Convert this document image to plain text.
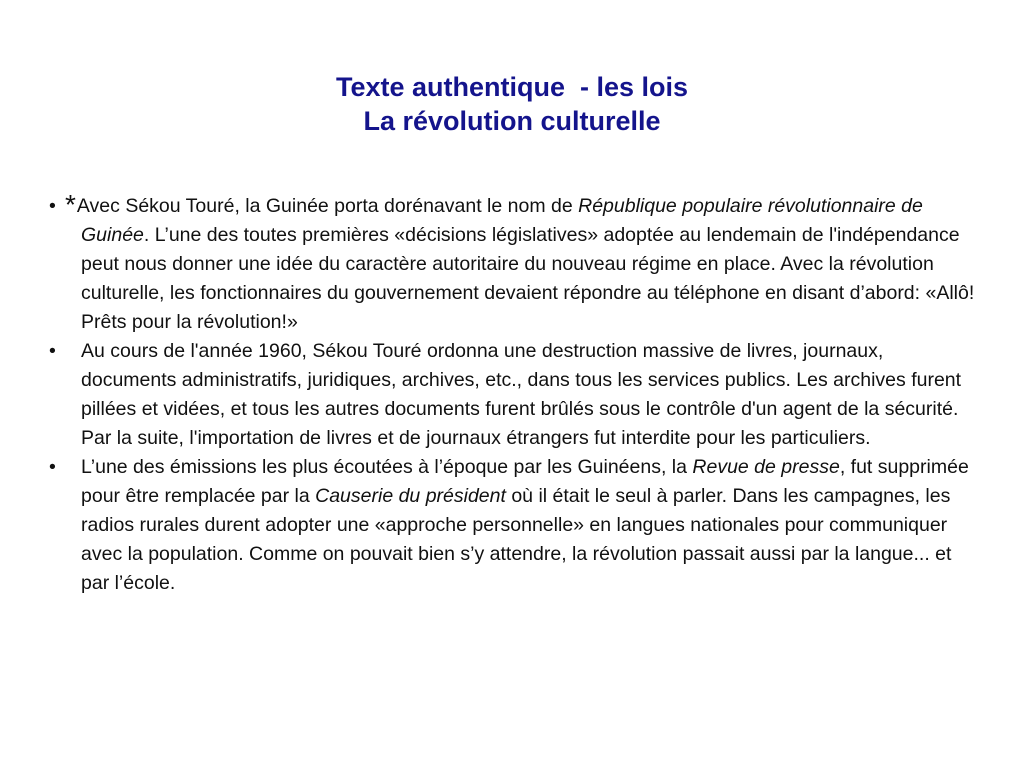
Texte authentique  - les lois
La révolution culturelle
• *Avec Sékou Touré, la Guinée porta dorénavant le nom de République populaire révolutionnaire de Guinée. L’une des toutes premières «décisions législatives» adoptée au lendemain de l'indépendance peut nous donner une idée du caractère autoritaire du nouveau régime en place. Avec la révolution culturelle, les fonctionnaires du gouvernement devaient répondre au téléphone en disant d’abord: «Allô! Prêts pour la révolution!»
• Au cours de l'année 1960, Sékou Touré ordonna une destruction massive de livres, journaux, documents administratifs, juridiques, archives, etc., dans tous les services publics. Les archives furent pillées et vidées, et tous les autres documents furent brûlés sous le contrôle d'un agent de la sécurité. Par la suite, l'importation de livres et de journaux étrangers fut interdite pour les particuliers.
• L’une des émissions les plus écoutées à l’époque par les Guinéens, la Revue de presse, fut supprimée pour être remplacée par la Causerie du président où il était le seul à parler. Dans les campagnes, les radios rurales durent adopter une «approche personnelle» en langues nationales pour communiquer avec la population. Comme on pouvait bien s’y attendre, la révolution passait aussi par la langue... et par l’école.
